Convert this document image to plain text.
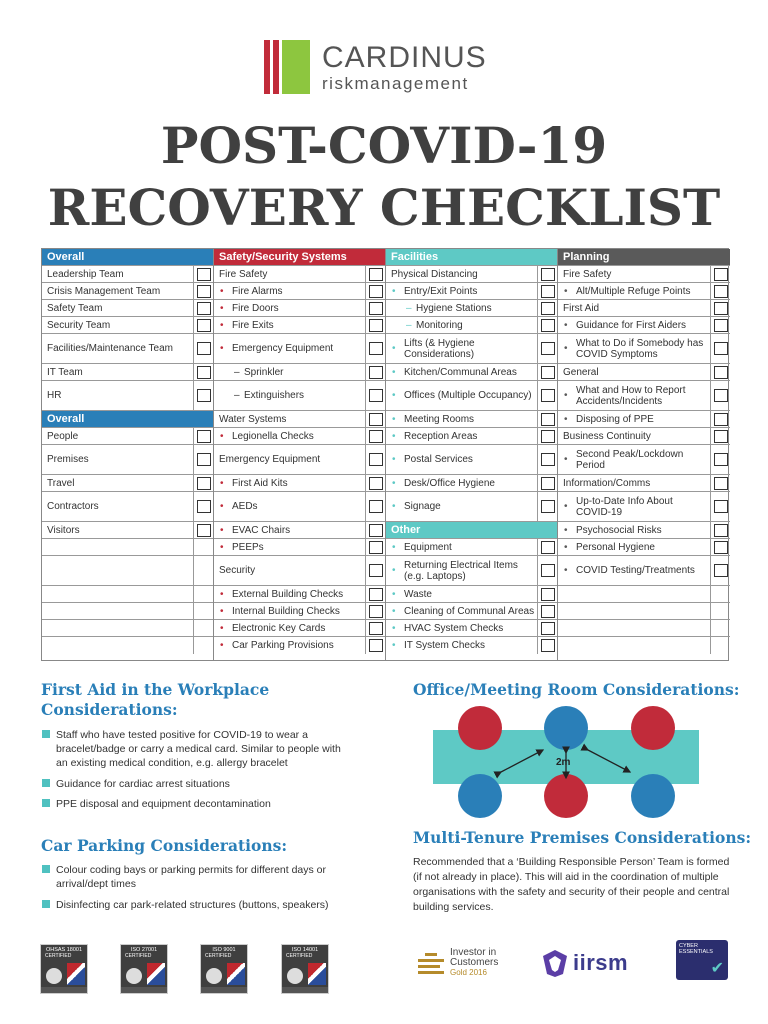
CARDINUS
riskmanagement
POST-COVID-19
RECOVERY CHECKLIST
Overall
Leadership Team
Crisis Management Team
Safety Team
Security Team
Facilities/Maintenance Team
IT Team
HR
Overall
People
Premises
Travel
Contractors
Visitors
Safety/Security Systems
Fire Safety
Fire Alarms
•
Fire Doors
•
Fire Exits
•
Emergency Equipment
•
Sprinkler
–
Extinguishers
–
Water Systems
Legionella Checks
•
Emergency Equipment
First Aid Kits
•
AEDs
•
EVAC Chairs
•
PEEPs
•
Security
External Building Checks
•
Internal Building Checks
•
Electronic Key Cards
•
Car Parking Provisions
•
Facilities
Physical Distancing
Entry/Exit Points
•
Hygiene Stations
–
Monitoring
–
Lifts (& Hygiene Considerations)
•
Kitchen/Communal Areas
•
Offices (Multiple Occupancy)
•
Meeting Rooms
•
Reception Areas
•
Postal Services
•
Desk/Office Hygiene
•
Signage
•
Other
Equipment
•
Returning Electrical Items (e.g. Laptops)
•
Waste
•
Cleaning of Communal Areas
•
HVAC System Checks
•
IT System Checks
•
Planning
Fire Safety
Alt/Multiple Refuge Points
•
First Aid
Guidance for First Aiders
•
What to Do if Somebody has COVID Symptoms
•
General
What and How to Report Accidents/Incidents
•
Disposing of PPE
•
Business Continuity
Second Peak/Lockdown Period
•
Information/Comms
Up-to-Date Info About COVID-19
•
Psychosocial Risks
•
Personal Hygiene
•
COVID Testing/Treatments
•
First Aid in the Workplace
Considerations:
Staff who have tested positive for COVID-19 to wear a bracelet/badge or carry a medical card. Similar to people with an existing medical condition, e.g. allergy bracelet
Guidance for cardiac arrest situations
PPE disposal and equipment decontamination
Car Parking Considerations:
Colour coding bays or parking permits for different days or arrival/dept times
Disinfecting car park-related structures (buttons, speakers)
Office/Meeting Room Considerations:
2m
Multi-Tenure Premises Considerations:
Recommended that a ‘Building Responsible Person’ Team is formed (if not already in place). This will aid in the coordination of multiple organisations with the safety and security of their people and central building services.
OHSAS 18001
CERTIFIED
ISO 27001
CERTIFIED
ISO 9001
CERTIFIED
ISO 14001
CERTIFIED	Investor in
Customers
Gold 2016	iirsm
CYBER
ESSENTIALS
✔
